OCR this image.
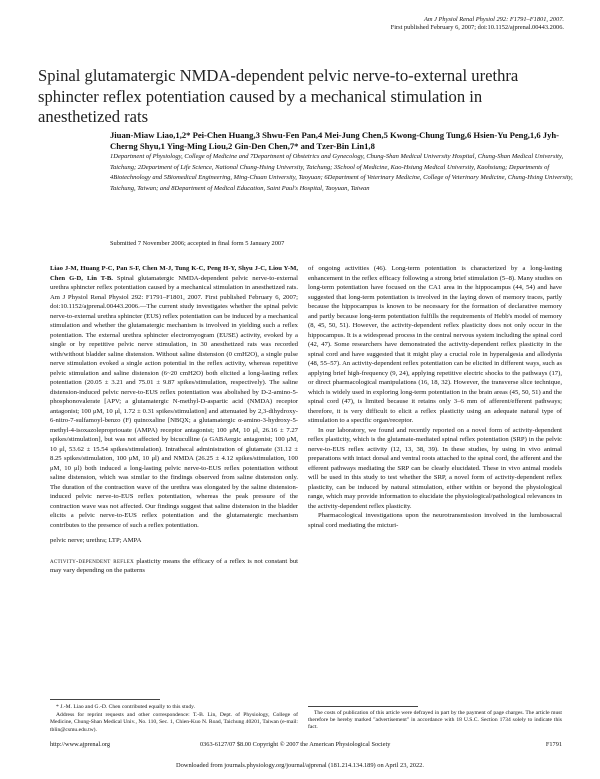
Am J Physiol Renal Physiol 292: F1791–F1801, 2007.
First published February 6, 2007; doi:10.1152/ajprenal.00443.2006.
Spinal glutamatergic NMDA-dependent pelvic nerve-to-external urethra sphincter reflex potentiation caused by a mechanical stimulation in anesthetized rats
Jiuan-Miaw Liao,1,2* Pei-Chen Huang,3 Shwu-Fen Pan,4 Mei-Jung Chen,5 Kwong-Chung Tung,6 Hsien-Yu Peng,1,6 Jyh-Cherng Shyu,1 Ying-Ming Liou,2 Gin-Den Chen,7* and Tzer-Bin Lin1,8
1Department of Physiology, College of Medicine and 7Department of Obstetrics and Gynecology, Chung-Shan Medical University Hospital, Chung-Shan Medical University, Taichung; 2Department of Life Science, National Chung-Hsing University, Taichung; 3School of Medicine, Kao-Hsiung Medical University, Kaohsiung; Departments of 4Biotechnology and 5Biomedical Engineering, Ming-Chuan University, Taoyuan; 6Department of Veterinary Medicine, College of Veterinary Medicine, Chung-Hsing University, Taichung, Taiwan; and 8Department of Medical Education, Saint Paul's Hospital, Taoyuan, Taiwan
Submitted 7 November 2006; accepted in final form 5 January 2007

Liao J-M, Huang P-C, Pan S-F, Chen M-J, Tung K-C, Peng H-Y, Shyu J-C, Liou Y-M, Chen G-D, Lin T-B. Spinal glutamatergic NMDA-dependent pelvic nerve-to-external urethra sphincter reflex potentiation caused by a mechanical stimulation in anesthetized rats. Am J Physiol Renal Physiol 292: F1791–F1801, 2007. First published February 6, 2007; doi:10.1152/ajprenal.00443.2006.—The current study investigates whether the spinal pelvic nerve-to-external urethra sphincter (EUS) reflex potentiation can be induced by a mechanical stimulation and whether the glutamatergic mechanism is involved in yielding such a reflex potentiation. The external urethra sphincter electromyogram (EUSE) activity, evoked by a single or by repetitive pelvic nerve stimulation, in 30 anesthetized rats was recorded with/without bladder saline distension. Without saline distension (0 cmH2O), a single pulse nerve stimulation evoked a single action potential in the reflex activity, whereas repetitive pelvic stimulation and saline distension (6~20 cmH2O) both elicited a long-lasting reflex potentiation (20.05 ± 3.21 and 75.01 ± 9.87 spikes/stimulation, respectively). The saline distension-induced pelvic nerve-to-EUS reflex potentiation was abolished by D-2-amino-5-phosphonovalerate [APV; a glutamatergic N-methyl-D-aspartic acid (NMDA) receptor antagonist; 100 μM, 10 μl, 1.72 ± 0.31 spikes/stimulation] and attenuated by 2,3-dihydroxy-6-nitro-7-sulfamoyl-benzo (F) quinoxaline [NBQX; a glutamatergic α-amino-3-hydroxy-5-methyl-4-isoxazolepropriouate (AMPA) receptor antagonist; 100 μM, 10 μl, 26.16 ± 7.27 spikes/stimulation], but was not affected by bicuculline (a GABAergic antagonist; 100 μM, 10 μl, 53.62 ± 15.54 spikes/stimulation). Intrathecal administration of glutamate (31.12 ± 8.25 spikes/stimulation, 100 μM, 10 μl) and NMDA (26.25 ± 4.12 spikes/stimulation, 100 μM, 10 μl) both induced a long-lasting pelvic nerve-to-EUS reflex potentiation without saline distension, which was similar to the findings observed from saline distension only. The duration of the contraction wave of the urethra was elongated by the saline distension-induced pelvic nerve-to-EUS reflex potentiation, whereas the peak pressure of the contraction wave was not affected. Our findings suggest that saline distension in the bladder elicits a pelvic nerve-to-EUS reflex potentiation and the glutamatergic mechanism contributes to the presence of such a reflex potentiation.

pelvic nerve; urethra; LTP; AMPA

activity-dependent reflex plasticity means the efficacy of a reflex is not constant but may vary depending on the patterns

of ongoing activities (46). Long-term potentiation is characterized by a long-lasting enhancement in the reflex efficacy following a strong brief stimulation (5–8). Many studies on long-term potentiation have focused on the CA1 area in the hippocampus (44, 54) and have suggested that long-term potentiation is involved in the laying down of memory traces, partly because the hippocampus is known to be necessary for the formation of declarative memory and partly because long-term potentiation fulfills the requirements of Hebb's model of memory (8, 45, 50, 51). However, the activity-dependent reflex plasticity does not only occur in the hippocampus. It is a widespread process in the central nervous system including the spinal cord (42, 47). Some researchers have demonstrated the activity-dependent reflex plasticity in the spinal cord and have suggested that it might play a crucial role in hyperalgesia and allodynia (48, 55–57). An activity-dependent reflex potentiation can be elicited in different ways, such as applying brief high-frequency (9, 24), applying repetitive electric shocks to the pathways (17), or direct pharmacological manipulations (16, 18, 32). However, the transverse slice technique, which is widely used in exploring long-term potentiation in the brain areas (45, 50, 51) and the spinal cord (47), is limited because it retains only 3–6 mm of afferent/efferent pathways; therefore, it is very difficult to elicit a reflex plasticity using an adequate natural type of stimulation to a specific organ/receptor.

In our laboratory, we found and recently reported on a novel form of activity-dependent reflex plasticity, which is the glutamate-mediated spinal reflex potentiation (SRP) in the pelvic nerve-to-EUS reflex activity (12, 13, 38, 39). In these studies, by using in vivo animal preparations with intact dorsal and ventral roots attached to the spinal cord, the afferent and the efferent pathways mediating the SRP can be clearly elucidated. These in vivo animal models will be used in this study to test whether the SRP, a novel form of activity-dependent reflex plasticity, can be induced by natural stimulation, either within or beyond the physiological range, which may provide information to elucidate the physiological/pathological relevances in the activity-dependent reflex plasticity.

Pharmacological investigations upon the neurotransmission involved in the lumbosacral spinal cord mediating the micturi-

* J.-M. Liao and G.-D. Chen contributed equally to this study.

Address for reprint requests and other correspondence: T.-B. Lin, Dept. of Physiology, College of Medicine, Chung-Shan Medical Univ., No. 110, Sec. 1, Chien-Kuo N. Road, Taichung 40201, Taiwan (e-mail: tblin@csmu.edu.tw).

The costs of publication of this article were defrayed in part by the payment of page charges. The article must therefore be hereby marked "advertisement" in accordance with 18 U.S.C. Section 1734 solely to indicate this fact.

http://www.ajprenal.org	0363-6127/07 $8.00 Copyright © 2007 the American Physiological Society	F1791
Downloaded from journals.physiology.org/journal/ajprenal (181.214.134.189) on April 23, 2022.
